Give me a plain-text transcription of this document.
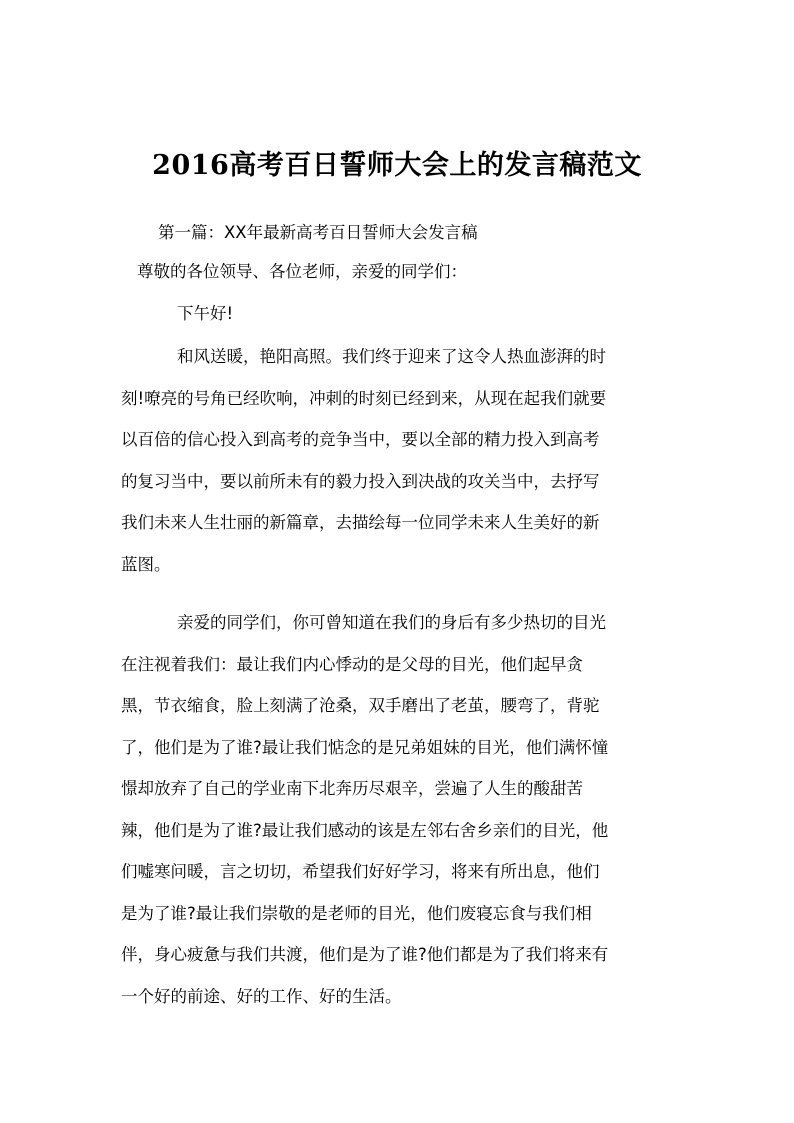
2016高考百日誓师大会上的发言稿范文
第一篇：XX年最新高考百日誓师大会发言稿
尊敬的各位领导、各位老师，亲爱的同学们：
下午好!
和风送暖，艳阳高照。我们终于迎来了这令人热血澎湃的时
刻!嘹亮的号角已经吹响，冲刺的时刻已经到来，从现在起我们就要
以百倍的信心投入到高考的竞争当中，要以全部的精力投入到高考
的复习当中，要以前所未有的毅力投入到决战的攻关当中，去抒写
我们未来人生壮丽的新篇章，去描绘每一位同学未来人生美好的新
蓝图。
亲爱的同学们，你可曾知道在我们的身后有多少热切的目光
在注视着我们：最让我们内心悸动的是父母的目光，他们起早贪
黑，节衣缩食，脸上刻满了沧桑，双手磨出了老茧，腰弯了，背驼
了，他们是为了谁?最让我们惦念的是兄弟姐妹的目光，他们满怀憧
憬却放弃了自己的学业南下北奔历尽艰辛，尝遍了人生的酸甜苦
辣，他们是为了谁?最让我们感动的该是左邻右舍乡亲们的目光，他
们嘘寒问暖，言之切切，希望我们好好学习，将来有所出息，他们
是为了谁?最让我们崇敬的是老师的目光，他们废寝忘食与我们相
伴，身心疲惫与我们共渡，他们是为了谁?他们都是为了我们将来有
一个好的前途、好的工作、好的生活。
